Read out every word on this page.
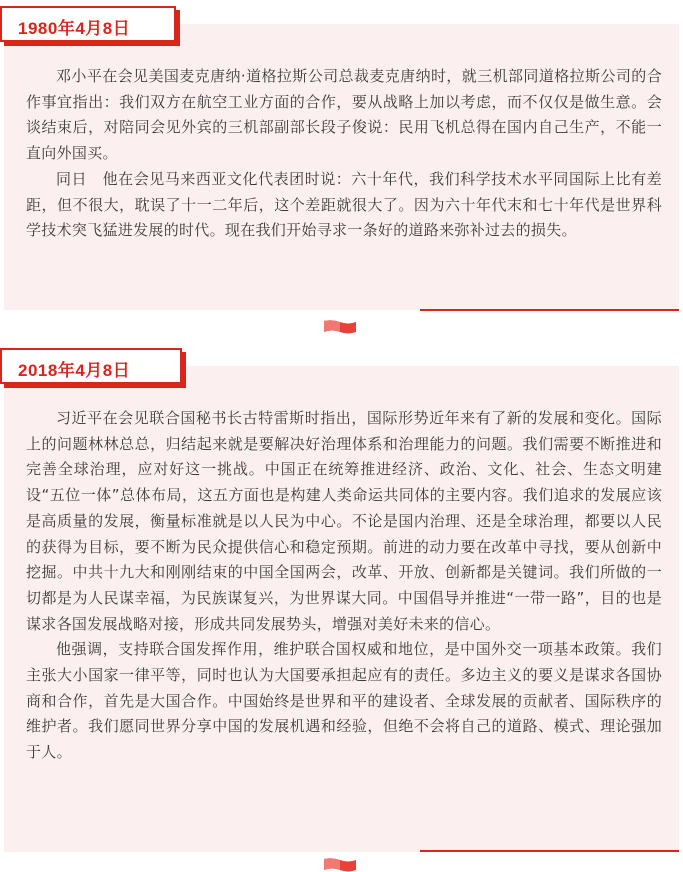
1980年4月8日

邓小平在会见美国麦克唐纳·道格拉斯公司总裁麦克唐纳时，就三机部同道格拉斯公司的合作事宜指出：我们双方在航空工业方面的合作，要从战略上加以考虑，而不仅仅是做生意。会谈结束后，对陪同会见外宾的三机部副部长段子俊说：民用飞机总得在国内自己生产，不能一直向外国买。

同日　他在会见马来西亚文化代表团时说：六十年代，我们科学技术水平同国际上比有差距，但不很大，耽误了十一二年后，这个差距就很大了。因为六十年代末和七十年代是世界科学技术突飞猛进发展的时代。现在我们开始寻求一条好的道路来弥补过去的损失。

2018年4月8日

习近平在会见联合国秘书长古特雷斯时指出，国际形势近年来有了新的发展和变化。国际上的问题林林总总，归结起来就是要解决好治理体系和治理能力的问题。我们需要不断推进和完善全球治理，应对好这一挑战。中国正在统筹推进经济、政治、文化、社会、生态文明建设“五位一体”总体布局，这五方面也是构建人类命运共同体的主要内容。我们追求的发展应该是高质量的发展，衡量标准就是以人民为中心。不论是国内治理、还是全球治理，都要以人民的获得为目标，要不断为民众提供信心和稳定预期。前进的动力要在改革中寻找，要从创新中挖掘。中共十九大和刚刚结束的中国全国两会，改革、开放、创新都是关键词。我们所做的一切都是为人民谋幸福，为民族谋复兴，为世界谋大同。中国倡导并推进“一带一路”，目的也是谋求各国发展战略对接，形成共同发展势头，增强对美好未来的信心。

他强调，支持联合国发挥作用，维护联合国权威和地位，是中国外交一项基本政策。我们主张大小国家一律平等，同时也认为大国要承担起应有的责任。多边主义的要义是谋求各国协商和合作，首先是大国合作。中国始终是世界和平的建设者、全球发展的贡献者、国际秩序的维护者。我们愿同世界分享中国的发展机遇和经验，但绝不会将自己的道路、模式、理论强加于人。
